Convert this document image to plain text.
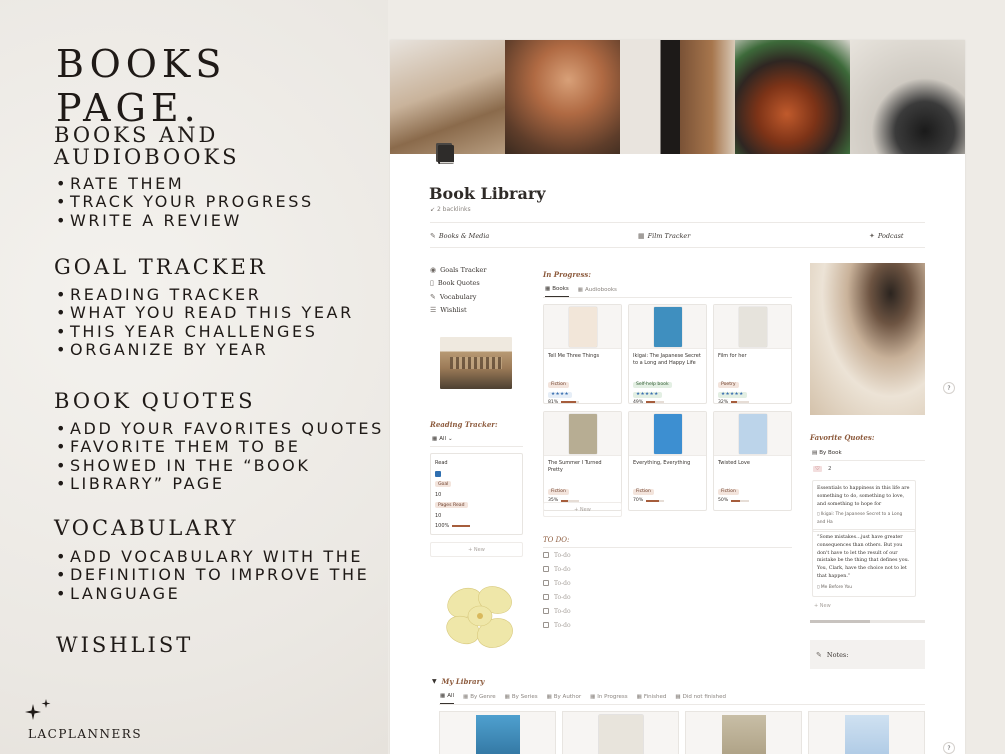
BOOKS PAGE.
BOOKS AND
AUDIOBOOKS
• RATE THEM
• TRACK YOUR PROGRESS
• WRITE A REVIEW
GOAL TRACKER
• READING TRACKER
• WHAT YOU READ THIS YEAR
• THIS YEAR CHALLENGES
• ORGANIZE BY YEAR
BOOK QUOTES
• ADD YOUR FAVORITES QUOTES
• FAVORITE THEM TO BE
• SHOWED IN THE “BOOK
• LIBRARY” PAGE
VOCABULARY
• ADD VOCABULARY WITH THE
• DEFINITION TO IMPROVE THE
• LANGUAGE
WISHLIST
LACPLANNERS
Book Library
↙ 2 backlinks
✎ Books & Media	▦ Film Tracker	✦ Podcast
◉ Goals Tracker
▯ Book Quotes
✎ Vocabulary
☰ Wishlist
Reading Tracker:
▦ All ⌄
Read
Goal
10
Pages Read
10
100%
+ New
In Progress:
▦ Books ▦ Audiobooks
Tell Me Three Things
Fiction
★★★★
81%
Ikigai: The Japanese Secret to a Long and Happy Life
Self-help book
★★★★★
49%
Film for her
Poetry
★★★★★
32%
The Summer I Turned Pretty
Fiction
35%
Everything, Everything
Fiction
70%
Twisted Love
Fiction
50%
+ New
TO DO:
To-do
To-do
To-do
To-do
To-do
To-do
?
Favorite Quotes:
▤ By Book
♡	2
Essentials to happiness in this life are something to do, something to love, and something to hope for
▯ Ikigai: The Japanese Secret to a Long and Ha
“Some mistakes…just have greater consequences than others. But you don't have to let the result of our mistake be the thing that defines you. You, Clark, have the choice not to let that happen.”
▯ Me Before You
+ New
✎ Notes:
▼ My Library
▦ All ▦ By Genre ▦ By Series ▦ By Author ▦ In Progress ▦ Finished ▦ Did not finished
?
